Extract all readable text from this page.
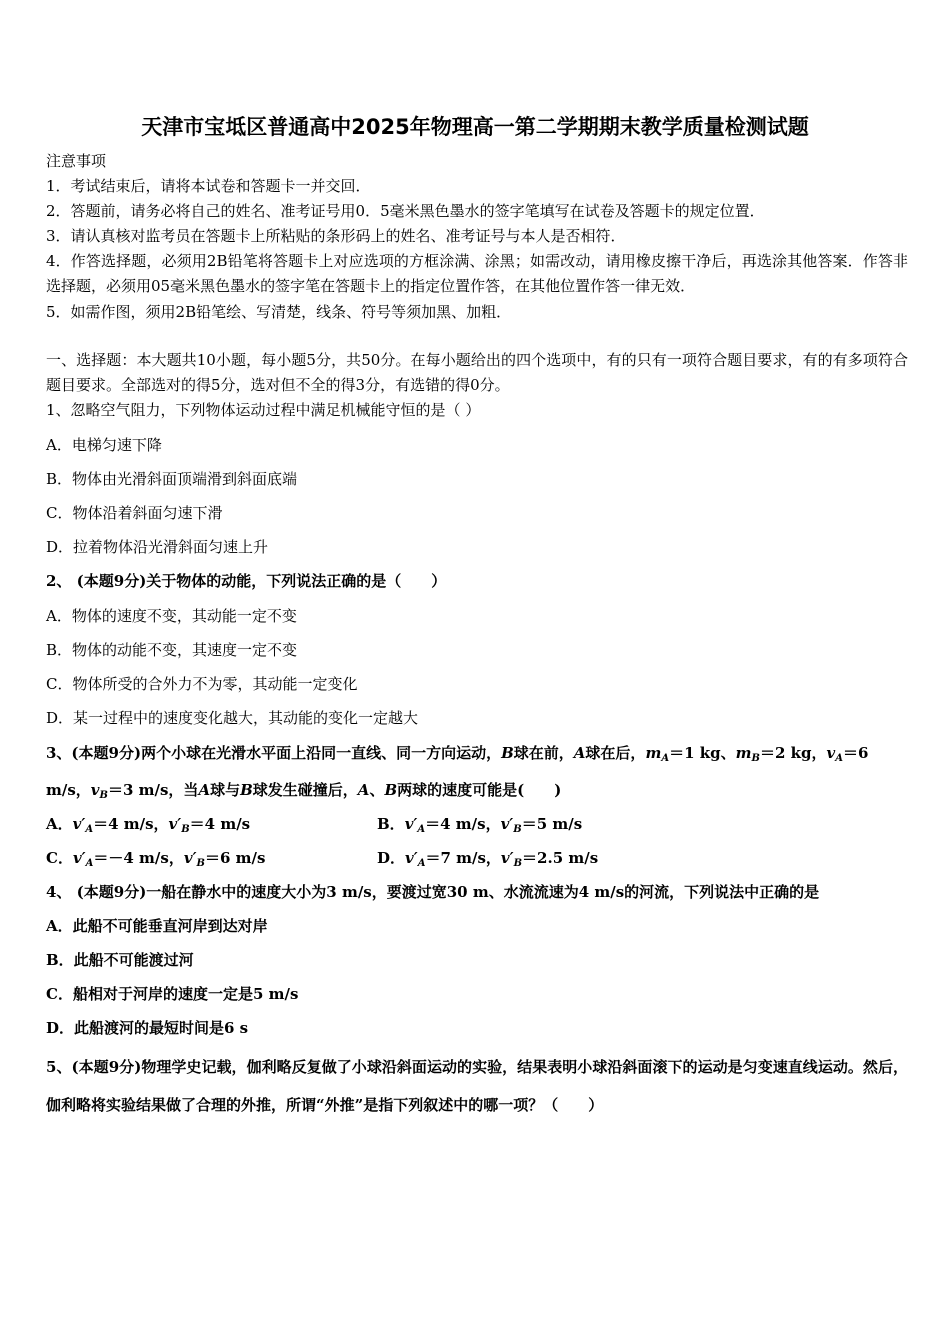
天津市宝坻区普通高中2025年物理高一第二学期期末教学质量检测试题
注意事项
1．考试结束后，请将本试卷和答题卡一并交回．
2．答题前，请务必将自己的姓名、准考证号用0．5毫米黑色墨水的签字笔填写在试卷及答题卡的规定位置．
3．请认真核对监考员在答题卡上所粘贴的条形码上的姓名、准考证号与本人是否相符．
4．作答选择题，必须用2B铅笔将答题卡上对应选项的方框涂满、涂黑；如需改动，请用橡皮擦干净后，再选涂其他答案．作答非选择题，必须用05毫米黑色墨水的签字笔在答题卡上的指定位置作答，在其他位置作答一律无效．
5．如需作图，须用2B铅笔绘、写清楚，线条、符号等须加黑、加粗．
一、选择题：本大题共10小题，每小题5分，共50分。在每小题给出的四个选项中，有的只有一项符合题目要求，有的有多项符合题目要求。全部选对的得5分，选对但不全的得3分，有选错的得0分。
1、忽略空气阻力，下列物体运动过程中满足机械能守恒的是（ ）
A．电梯匀速下降
B．物体由光滑斜面顶端滑到斜面底端
C．物体沿着斜面匀速下滑
D．拉着物体沿光滑斜面匀速上升
2、 (本题9分)关于物体的动能，下列说法正确的是（　　）
A．物体的速度不变，其动能一定不变
B．物体的动能不变，其速度一定不变
C．物体所受的合外力不为零，其动能一定变化
D．某一过程中的速度变化越大，其动能的变化一定越大
3、(本题9分)两个小球在光滑水平面上沿同一直线、同一方向运动，B球在前，A球在后，$m_A=1$ kg、$m_B=2$ kg，$v_A=6$
m/s，$v_B=3$ m/s，当A球与B球发生碰撞后，A、B两球的速度可能是(　　)
A．$v'_A=4$ m/s，$v'_B=4$ m/s	B．$v'_A=4$ m/s，$v'_B=5$ m/s
C．$v'_A=-4$ m/s，$v'_B=6$ m/s	D．$v'_A=7$ m/s，$v'_B=2.5$ m/s
4、 (本题9分)一船在静水中的速度大小为3 m/s，要渡过宽30 m、水流流速为4 m/s的河流，下列说法中正确的是
A．此船不可能垂直河岸到达对岸
B．此船不可能渡过河
C．船相对于河岸的速度一定是5 m/s
D．此船渡河的最短时间是6 s
5、(本题9分)物理学史记载，伽利略反复做了小球沿斜面运动的实验，结果表明小球沿斜面滚下的运动是匀变速直线运动。然后，伽利略将实验结果做了合理的外推，所谓“外推”是指下列叙述中的哪一项？（　　）
